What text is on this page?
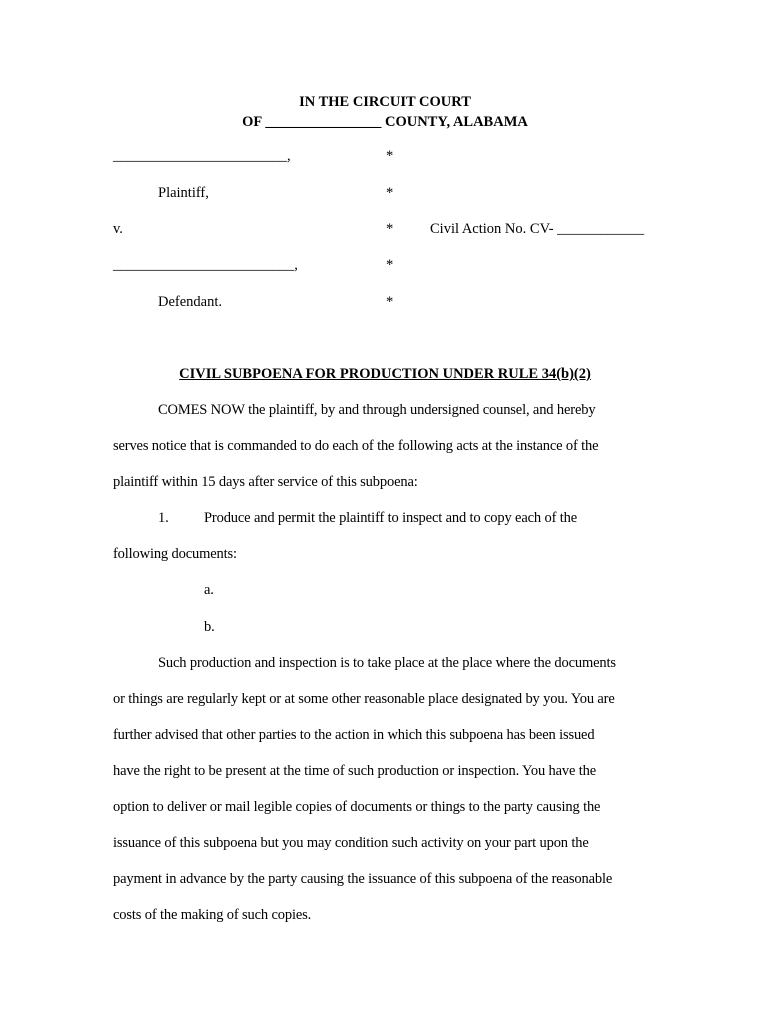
IN THE CIRCUIT COURT
OF ________________ COUNTY, ALABAMA
________________________,	*
Plaintiff,	*
v.	*	Civil Action No. CV- ____________
_________________________,	*
Defendant.	*
CIVIL SUBPOENA FOR PRODUCTION UNDER RULE 34(b)(2)
COMES NOW the plaintiff, by and through undersigned counsel, and hereby
serves notice that is commanded to do each of the following acts at the instance of the
plaintiff within 15 days after service of this subpoena:
1. Produce and permit the plaintiff to inspect and to copy each of the
following documents:
a.
b.
Such production and inspection is to take place at the place where the documents
or things are regularly kept or at some other reasonable place designated by you. You are
further advised that other parties to the action in which this subpoena has been issued
have the right to be present at the time of such production or inspection. You have the
option to deliver or mail legible copies of documents or things to the party causing the
issuance of this subpoena but you may condition such activity on your part upon the
payment in advance by the party causing the issuance of this subpoena of the reasonable
costs of the making of such copies.
